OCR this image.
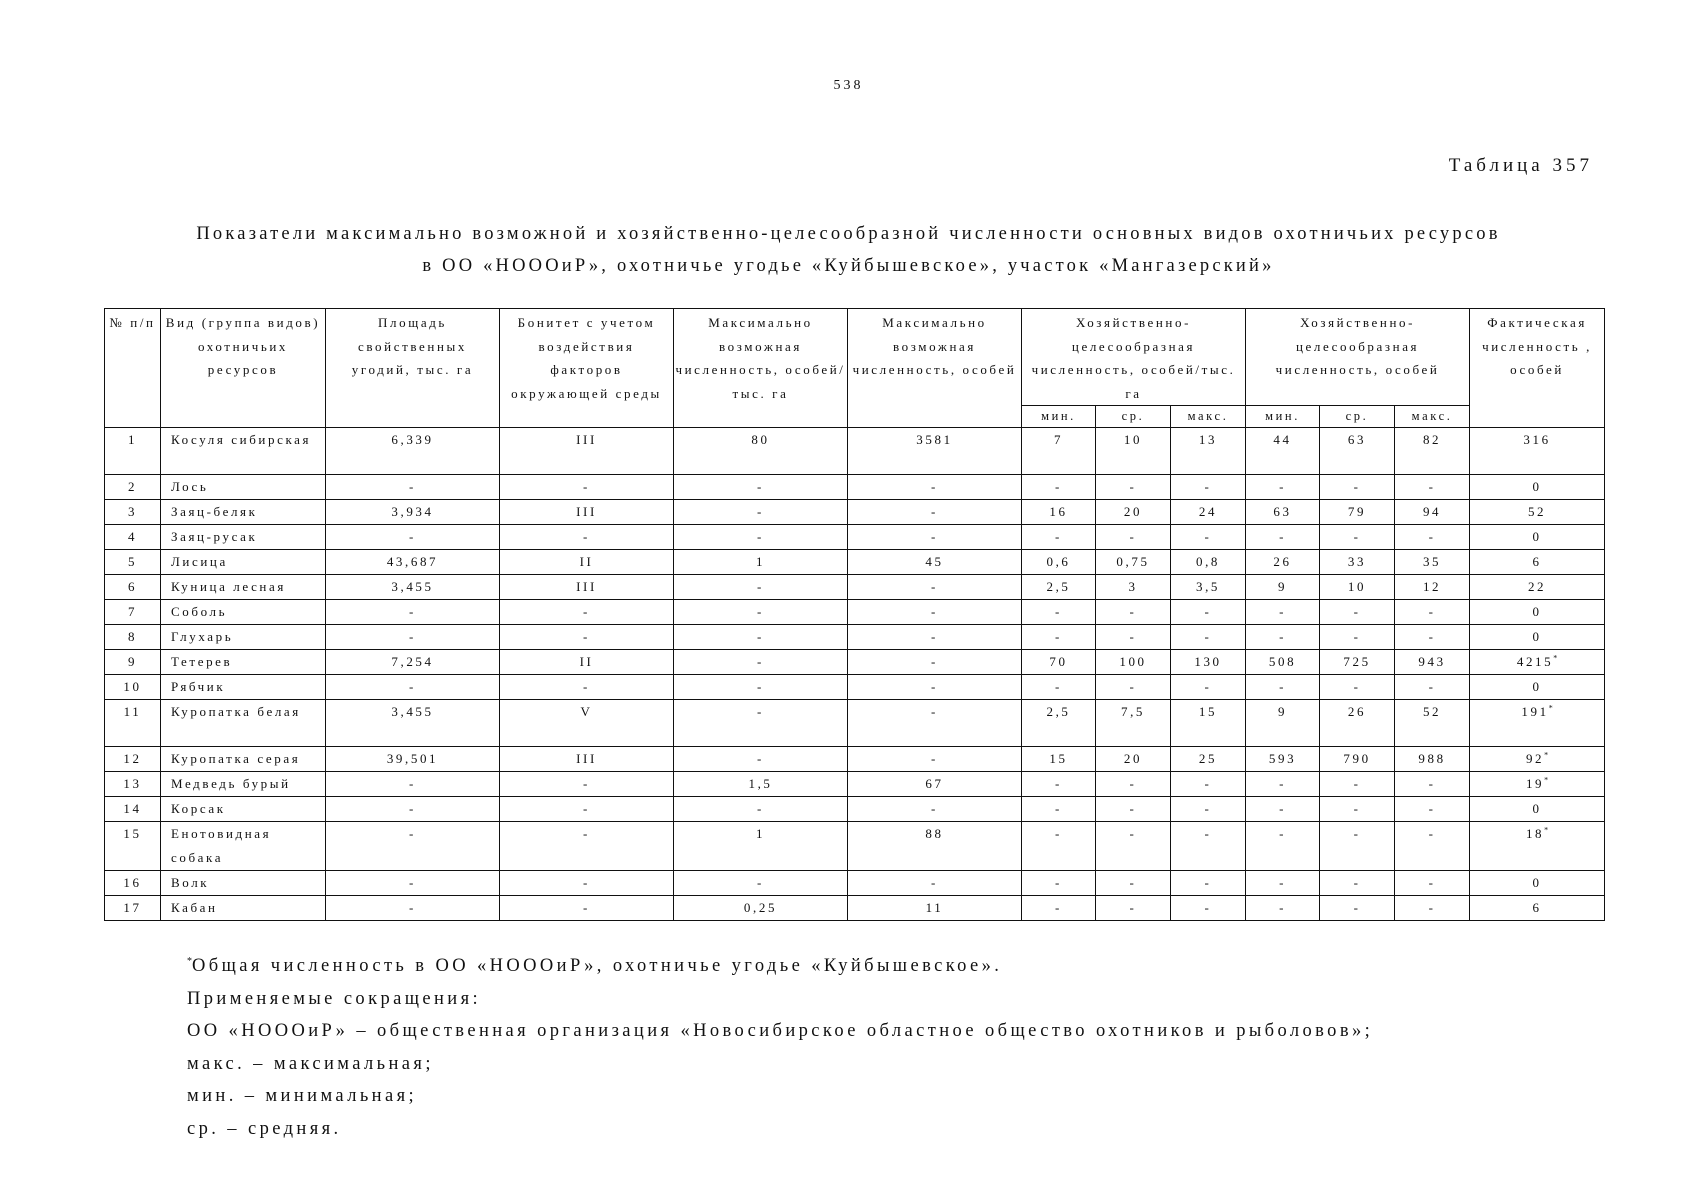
538
Таблица 357
Показатели максимально возможной и хозяйственно-целесообразной численности основных видов охотничьих ресурсов
в ОО «НОООиР», охотничье угодье «Куйбышевское», участок «Мангазерский»
№ п/п	Вид (группа видов) охотничьих ресурсов	Площадь свойственных угодий, тыс. га	Бонитет с учетом воздействия факторов окружающей среды	Максимально возможная численность, особей/тыс. га	Максимально возможная численность, особей	Хозяйственно-целесообразная численность, особей/тыс. га			Хозяйственно-целесообразная численность, особей			Фактическая численность , особей
						мин.	ср.	макс.	мин.	ср.	макс.	
1	Косуля сибирская	6,339	III	80	3581	7	10	13	44	63	82	316
2	Лось	-	-	-	-	-	-	-	-	-	-	0
3	Заяц-беляк	3,934	III	-	-	16	20	24	63	79	94	52
4	Заяц-русак	-	-	-	-	-	-	-	-	-	-	0
5	Лисица	43,687	II	1	45	0,6	0,75	0,8	26	33	35	6
6	Куница лесная	3,455	III	-	-	2,5	3	3,5	9	10	12	22
7	Соболь	-	-	-	-	-	-	-	-	-	-	0
8	Глухарь	-	-	-	-	-	-	-	-	-	-	0
9	Тетерев	7,254	II	-	-	70	100	130	508	725	943	4215*
10	Рябчик	-	-	-	-	-	-	-	-	-	-	0
11	Куропатка белая	3,455	V	-	-	2,5	7,5	15	9	26	52	191*
12	Куропатка серая	39,501	III	-	-	15	20	25	593	790	988	92*
13	Медведь бурый	-	-	1,5	67	-	-	-	-	-	-	19*
14	Корсак	-	-	-	-	-	-	-	-	-	-	0
15	Енотовидная собака	-	-	1	88	-	-	-	-	-	-	18*
16	Волк	-	-	-	-	-	-	-	-	-	-	0
17	Кабан	-	-	0,25	11	-	-	-	-	-	-	6
*Общая численность в ОО «НОООиР», охотничье угодье «Куйбышевское».
Применяемые сокращения:
ОО «НОООиР» – общественная организация «Новосибирское областное общество охотников и рыболовов»;
макс. – максимальная;
мин. – минимальная;
ср. – средняя.
